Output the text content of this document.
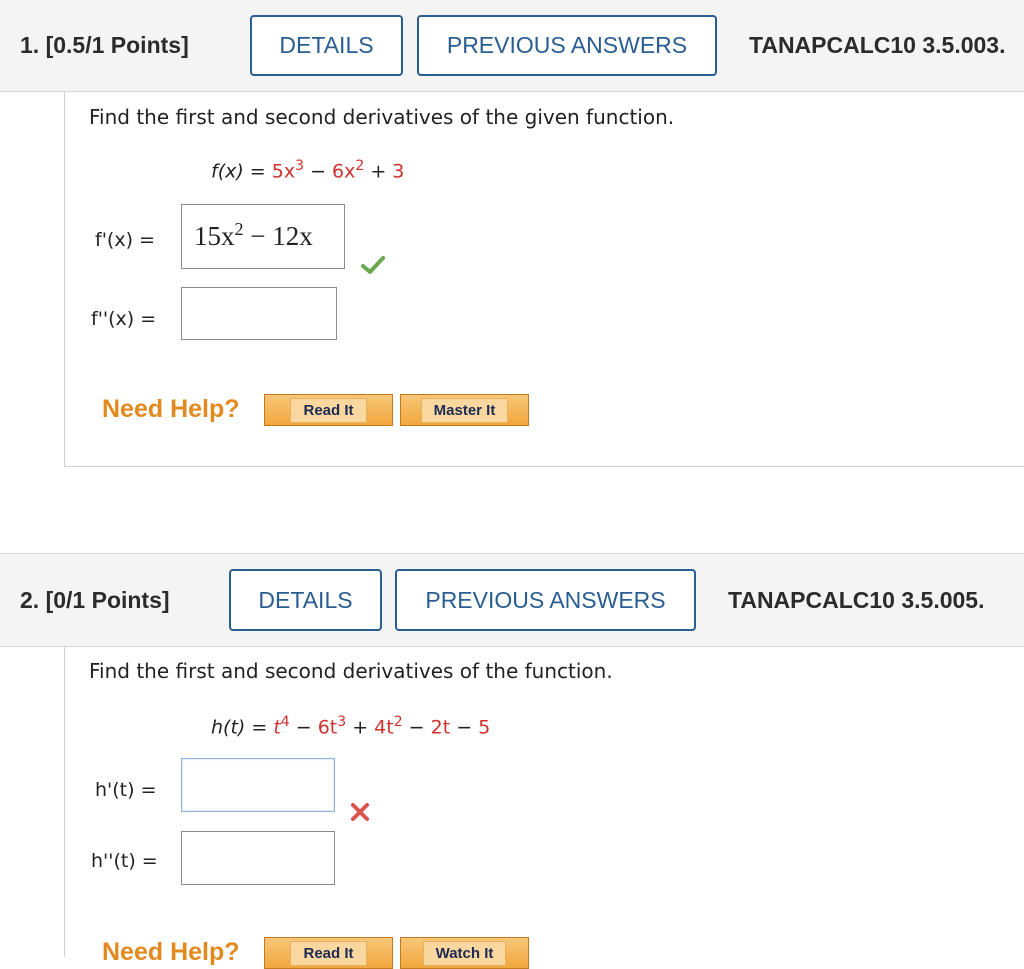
1. [0.5/1 Points]	DETAILS	PREVIOUS ANSWERS	TANAPCALC10 3.5.003.
Find the first and second derivatives of the given function.
$f(x) = 5x^3 - 6x^2 + 3$
$f'(x) = 15x^2 - 12x$
f''(x) =
Need Help?	Read It	Master It
2. [0/1 Points]	DETAILS	PREVIOUS ANSWERS	TANAPCALC10 3.5.005.
Find the first and second derivatives of the function.
$h(t) = t^4 - 6t^3 + 4t^2 - 2t - 5$
h'(t) =
h''(t) =
Need Help?	Read It	Watch It
